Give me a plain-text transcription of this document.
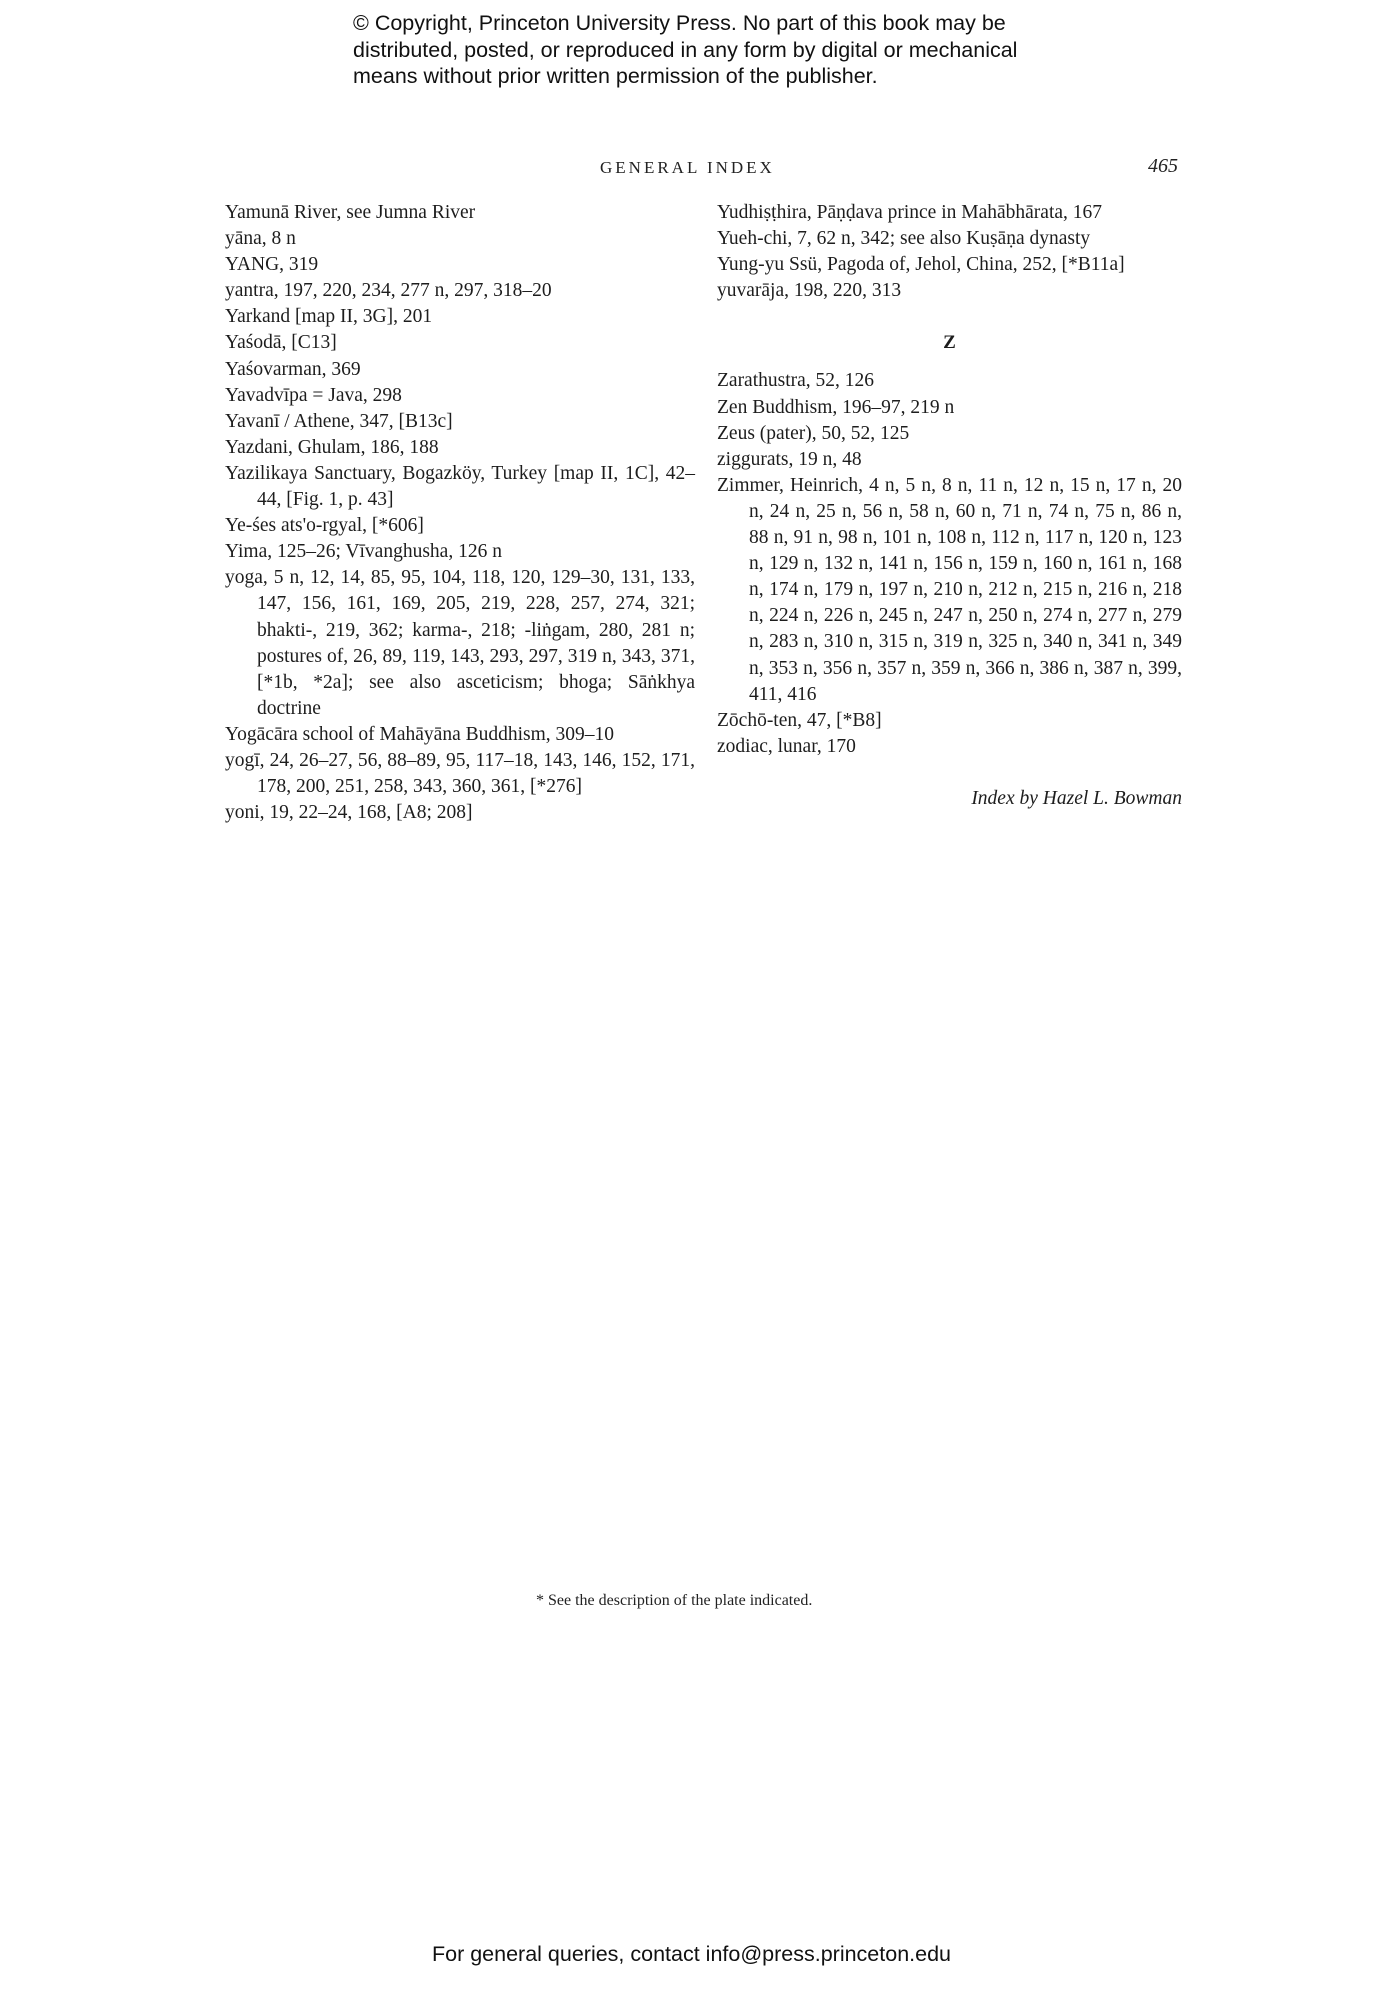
© Copyright, Princeton University Press. No part of this book may be
distributed, posted, or reproduced in any form by digital or mechanical
means without prior written permission of the publisher.
GENERAL INDEX	465

Yamunā River, see Jumna River

yāna, 8 n

YANG, 319

yantra, 197, 220, 234, 277 n, 297, 318–20

Yarkand [map II, 3G], 201

Yaśodā, [C13]

Yaśovarman, 369

Yavadvīpa = Java, 298

Yavanī / Athene, 347, [B13c]

Yazdani, Ghulam, 186, 188

Yazilikaya Sanctuary, Bogazköy, Turkey [map II, 1C], 42–44, [Fig. 1, p. 43]

Ye-śes ats'o-rgyal, [*606]

Yima, 125–26; Vīvanghusha, 126 n

yoga, 5 n, 12, 14, 85, 95, 104, 118, 120, 129–30, 131, 133, 147, 156, 161, 169, 205, 219, 228, 257, 274, 321; bhakti-, 219, 362; karma-, 218; -liṅgam, 280, 281 n; postures of, 26, 89, 119, 143, 293, 297, 319 n, 343, 371, [*1b, *2a]; see also asceticism; bhoga; Sāṅkhya doctrine

Yogācāra school of Mahāyāna Buddhism, 309–10

yogī, 24, 26–27, 56, 88–89, 95, 117–18, 143, 146, 152, 171, 178, 200, 251, 258, 343, 360, 361, [*276]

yoni, 19, 22–24, 168, [A8; 208]

Yudhiṣṭhira, Pāṇḍava prince in Mahābhārata, 167

Yueh-chi, 7, 62 n, 342; see also Kuṣāṇa dynasty

Yung-yu Ssü, Pagoda of, Jehol, China, 252, [*B11a]

yuvarāja, 198, 220, 313

Z

Zarathustra, 52, 126

Zen Buddhism, 196–97, 219 n

Zeus (pater), 50, 52, 125

ziggurats, 19 n, 48

Zimmer, Heinrich, 4 n, 5 n, 8 n, 11 n, 12 n, 15 n, 17 n, 20 n, 24 n, 25 n, 56 n, 58 n, 60 n, 71 n, 74 n, 75 n, 86 n, 88 n, 91 n, 98 n, 101 n, 108 n, 112 n, 117 n, 120 n, 123 n, 129 n, 132 n, 141 n, 156 n, 159 n, 160 n, 161 n, 168 n, 174 n, 179 n, 197 n, 210 n, 212 n, 215 n, 216 n, 218 n, 224 n, 226 n, 245 n, 247 n, 250 n, 274 n, 277 n, 279 n, 283 n, 310 n, 315 n, 319 n, 325 n, 340 n, 341 n, 349 n, 353 n, 356 n, 357 n, 359 n, 366 n, 386 n, 387 n, 399, 411, 416

Zōchō-ten, 47, [*B8]

zodiac, lunar, 170

Index by Hazel L. Bowman

* See the description of the plate indicated.
For general queries, contact info@press.princeton.edu
